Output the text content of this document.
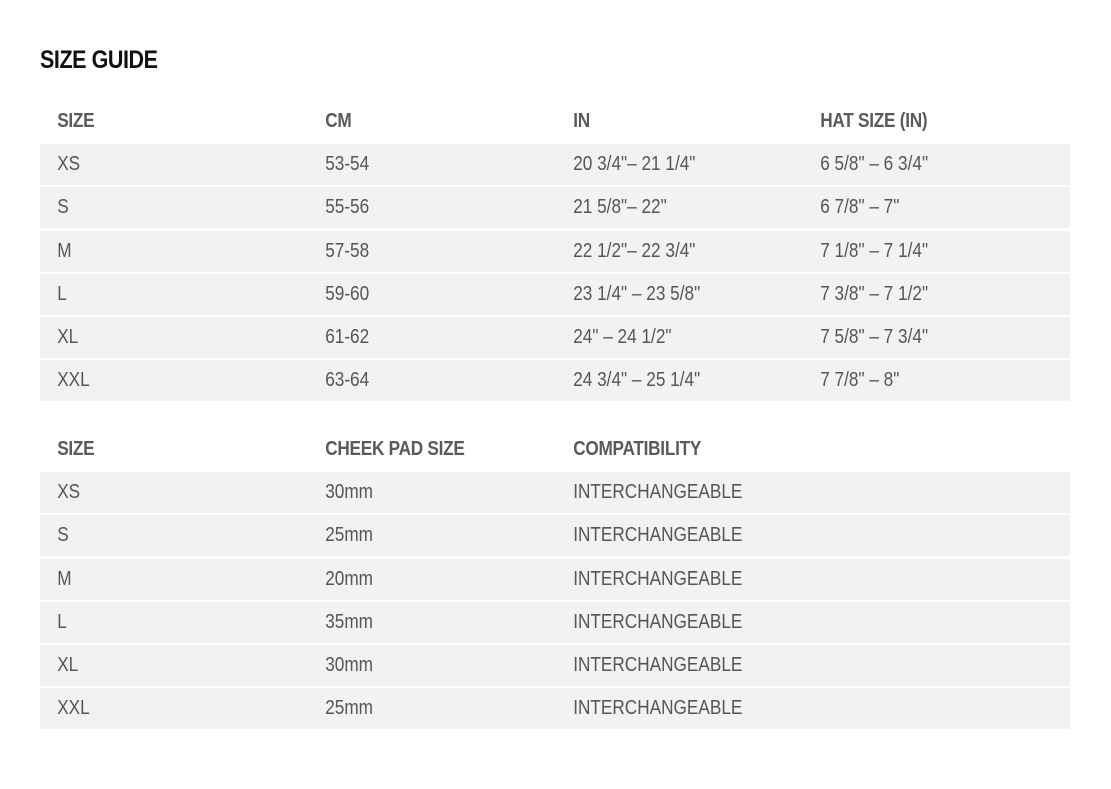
SIZE GUIDE
SIZE	CM	IN	HAT SIZE (IN)
XS	53-54	20 3/4"– 21 1/4"	6 5/8" – 6 3/4"
S	55-56	21 5/8"– 22"	6 7/8" – 7"
M	57-58	22 1/2"– 22 3/4"	7 1/8" – 7 1/4"
L	59-60	23 1/4" – 23 5/8"	7 3/8" – 7 1/2"
XL	61-62	24" – 24 1/2"	7 5/8" – 7 3/4"
XXL	63-64	24 3/4" – 25 1/4"	7 7/8" – 8"
SIZE	CHEEK PAD SIZE	COMPATIBILITY
XS	30mm	INTERCHANGEABLE
S	25mm	INTERCHANGEABLE
M	20mm	INTERCHANGEABLE
L	35mm	INTERCHANGEABLE
XL	30mm	INTERCHANGEABLE
XXL	25mm	INTERCHANGEABLE
